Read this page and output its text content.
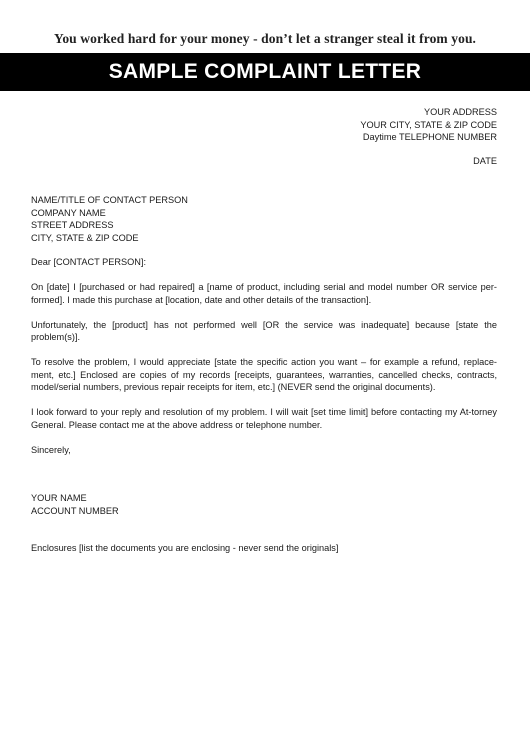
You worked hard for your money - don’t let a stranger steal it from you.
SAMPLE COMPLAINT LETTER
YOUR ADDRESS
YOUR CITY, STATE & ZIP CODE
Daytime TELEPHONE NUMBER
DATE
NAME/TITLE OF CONTACT PERSON
COMPANY NAME
STREET ADDRESS
CITY, STATE & ZIP CODE

Dear [CONTACT PERSON]:

On [date] I [purchased or had repaired] a [name of product, including serial and model number OR service per-formed]. I made this purchase at [location, date and other details of the transaction].

Unfortunately, the [product] has not performed well [OR the service was inadequate] because [state the problem(s)].

To resolve the problem, I would appreciate [state the specific action you want – for example a refund, replace-ment, etc.] Enclosed are copies of my records [receipts, guarantees, warranties, cancelled checks, contracts, model/serial numbers, previous repair receipts for item, etc.] (NEVER send the original documents).

I look forward to your reply and resolution of my problem. I will wait [set time limit] before contacting my At-torney General. Please contact me at the above address or telephone number.

Sincerely,

YOUR NAME
ACCOUNT NUMBER
Enclosures [list the documents you are enclosing - never send the originals]
